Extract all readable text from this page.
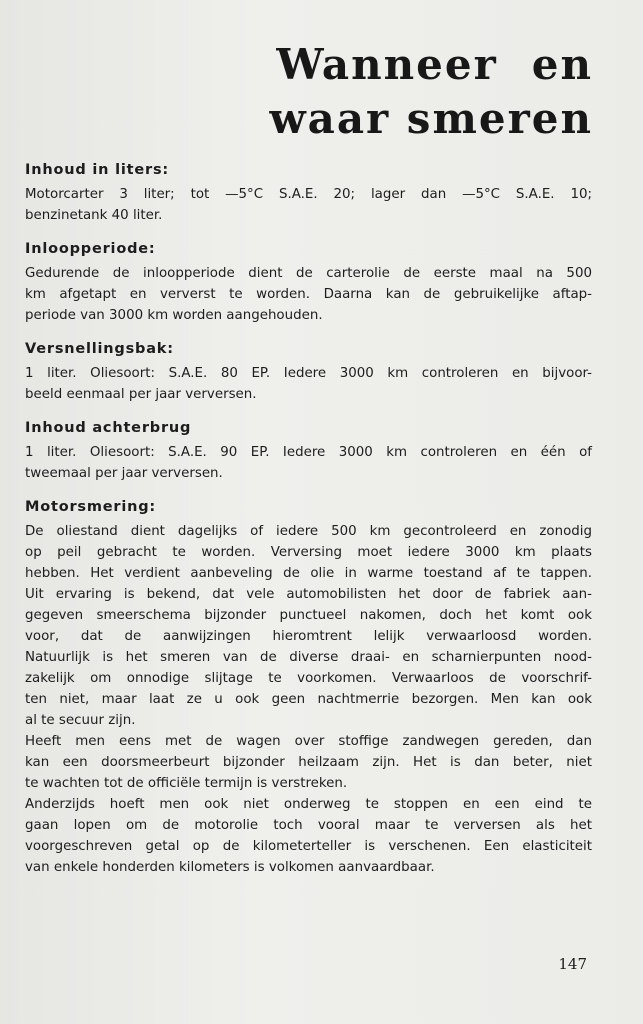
Wanneer en
waar smeren
Inhoud in liters:
Motorcarter 3 liter; tot —5°C S.A.E. 20; lager dan —5°C S.A.E. 10;
benzinetank 40 liter.
Inloopperiode:
Gedurende de inloopperiode dient de carterolie de eerste maal na 500
km afgetapt en ververst te worden. Daarna kan de gebruikelijke aftap-
periode van 3000 km worden aangehouden.
Versnellingsbak:
1 liter. Oliesoort: S.A.E. 80 EP. Iedere 3000 km controleren en bijvoor-
beeld eenmaal per jaar verversen.
Inhoud achterbrug
1 liter. Oliesoort: S.A.E. 90 EP. Iedere 3000 km controleren en één of
tweemaal per jaar verversen.
Motorsmering:
De oliestand dient dagelijks of iedere 500 km gecontroleerd en zonodig
op peil gebracht te worden. Verversing moet iedere 3000 km plaats
hebben. Het verdient aanbeveling de olie in warme toestand af te tappen.
Uit ervaring is bekend, dat vele automobilisten het door de fabriek aan-
gegeven smeerschema bijzonder punctueel nakomen, doch het komt ook
voor, dat de aanwijzingen hieromtrent lelijk verwaarloosd worden.
Natuurlijk is het smeren van de diverse draai- en scharnierpunten nood-
zakelijk om onnodige slijtage te voorkomen. Verwaarloos de voorschrif-
ten niet, maar laat ze u ook geen nachtmerrie bezorgen. Men kan ook
al te secuur zijn.
Heeft men eens met de wagen over stoffige zandwegen gereden, dan
kan een doorsmeerbeurt bijzonder heilzaam zijn. Het is dan beter, niet
te wachten tot de officiële termijn is verstreken.
Anderzijds hoeft men ook niet onderweg te stoppen en een eind te
gaan lopen om de motorolie toch vooral maar te verversen als het
voorgeschreven getal op de kilometerteller is verschenen. Een elasticiteit
van enkele honderden kilometers is volkomen aanvaardbaar.
147
